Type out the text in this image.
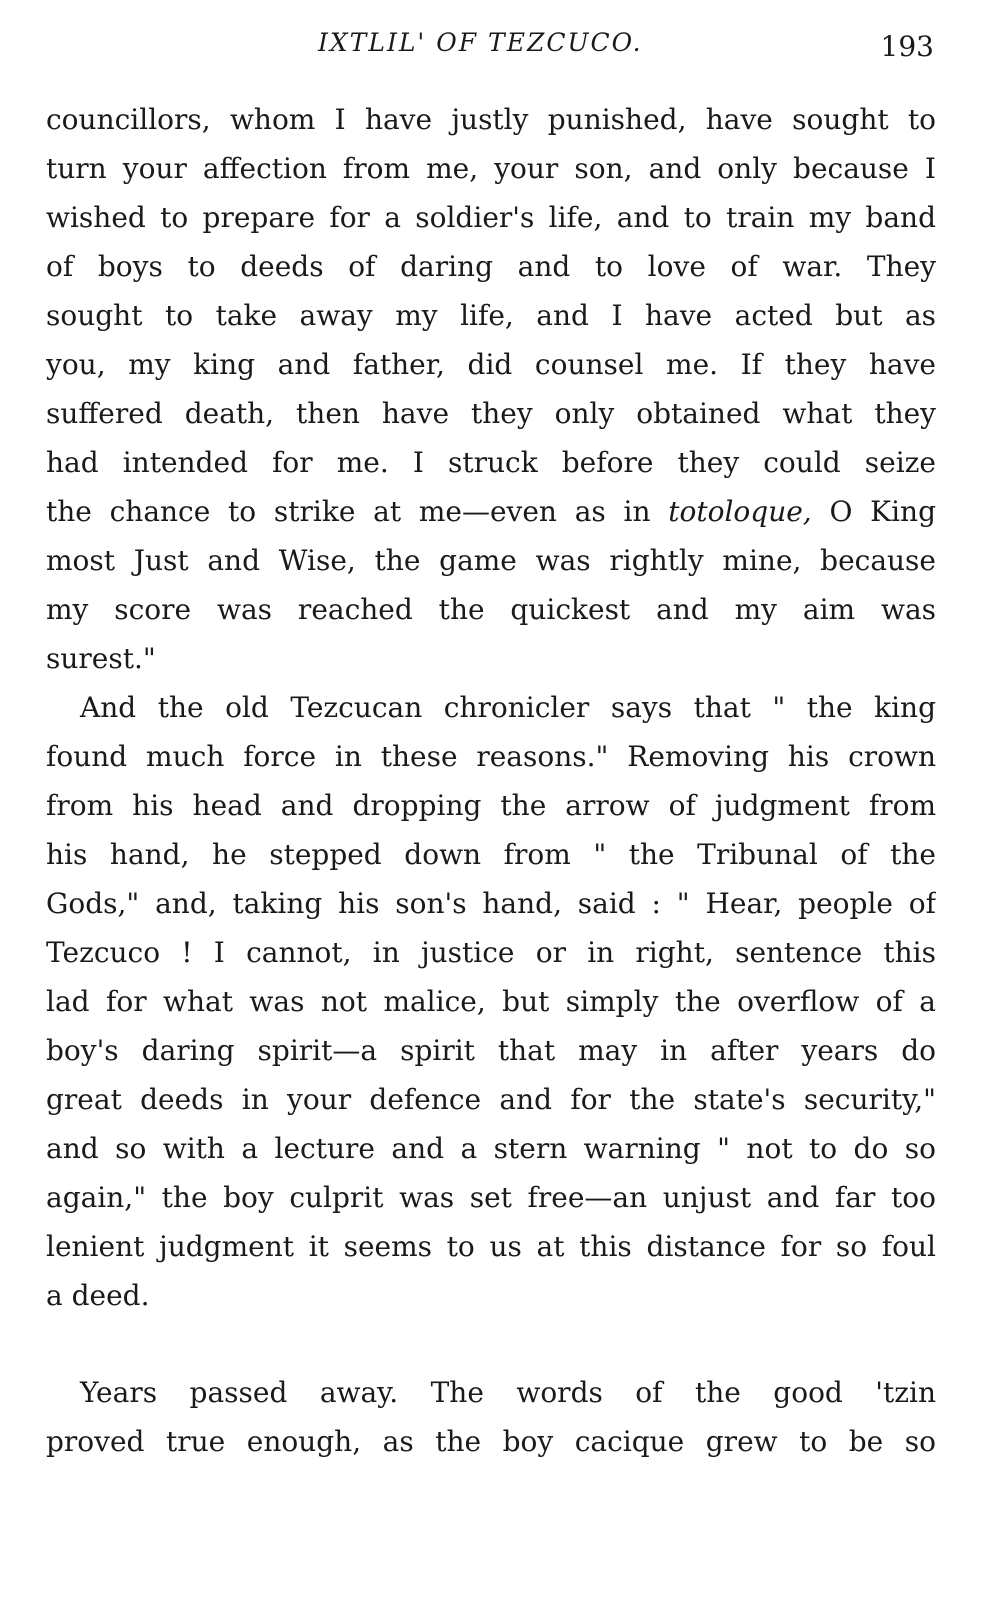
IXTLIL' OF TEZCUCO.	193
councillors, whom I have justly punished, have sought to
turn your affection from me, your son, and only because I
wished to prepare for a soldier's life, and to train my band
of boys to deeds of daring and to love of war. They
sought to take away my life, and I have acted but as
you, my king and father, did counsel me. If they have
suffered death, then have they only obtained what they
had intended for me. I struck before they could seize
the chance to strike at me—even as in totoloque, O King
most Just and Wise, the game was rightly mine, because
my score was reached the quickest and my aim was
surest."
And the old Tezcucan chronicler says that " the king
found much force in these reasons." Removing his crown
from his head and dropping the arrow of judgment from
his hand, he stepped down from " the Tribunal of the
Gods," and, taking his son's hand, said : " Hear, people of
Tezcuco ! I cannot, in justice or in right, sentence this
lad for what was not malice, but simply the overflow of a
boy's daring spirit—a spirit that may in after years do
great deeds in your defence and for the state's security,"
and so with a lecture and a stern warning " not to do so
again," the boy culprit was set free—an unjust and far too
lenient judgment it seems to us at this distance for so foul
a deed.
Years passed away. The words of the good 'tzin
proved true enough, as the boy cacique grew to be so
